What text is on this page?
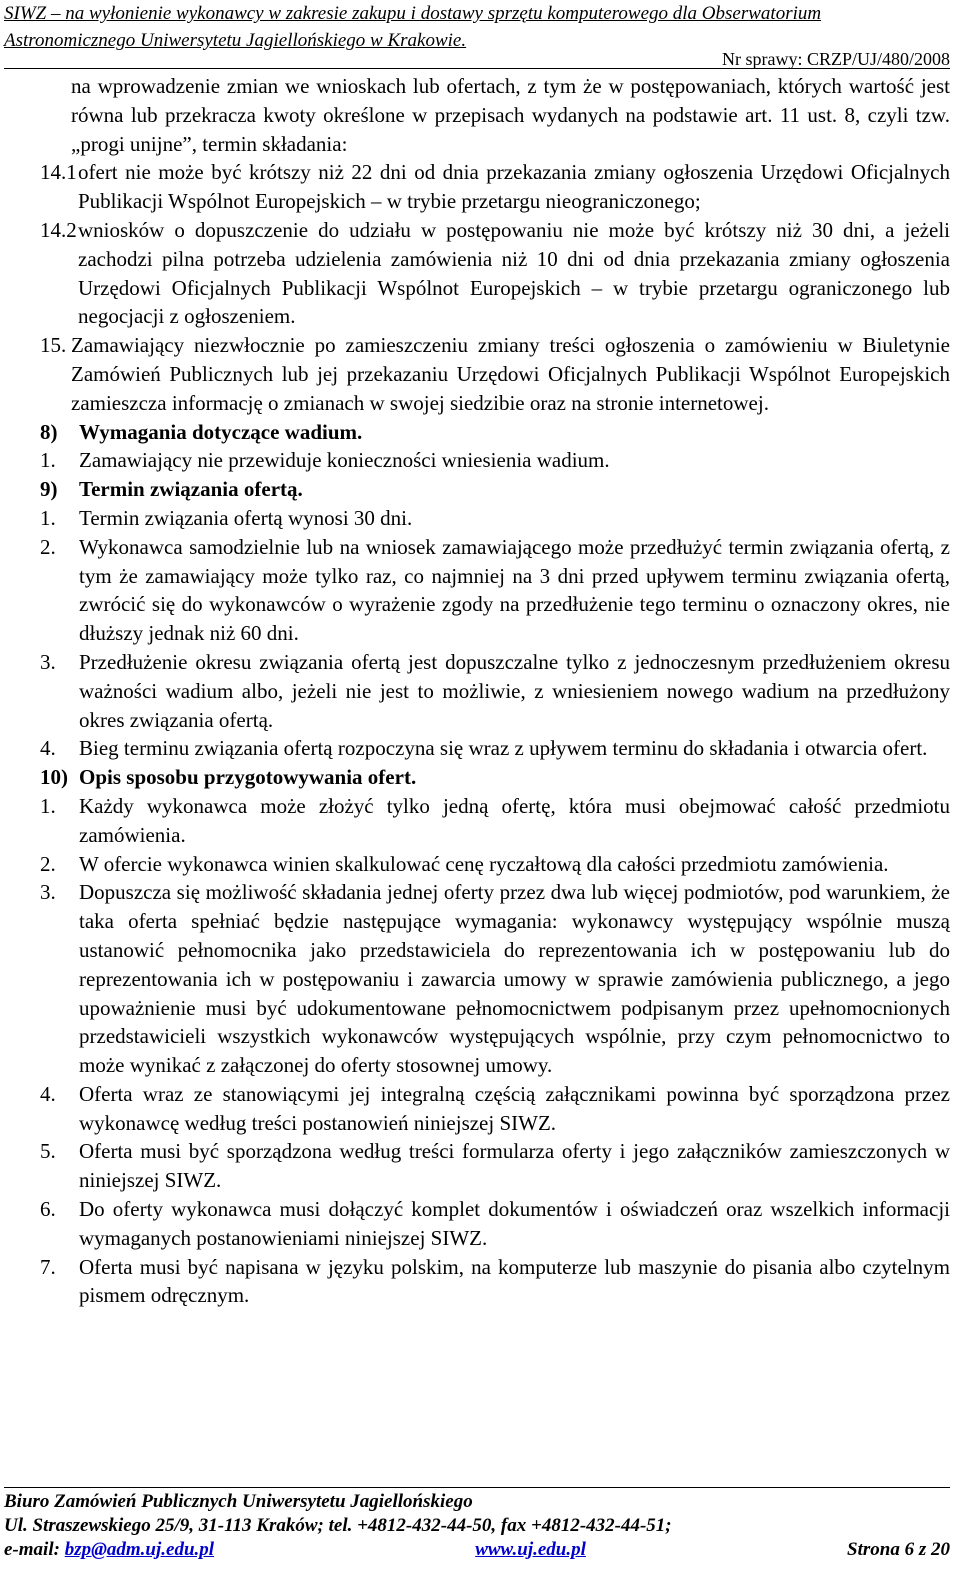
SIWZ – na wyłonienie wykonawcy w zakresie zakupu i dostawy sprzętu komputerowego dla Obserwatorium
Astronomicznego Uniwersytetu Jagiellońskiego w Krakowie.
Nr sprawy: CRZP/UJ/480/2008

na wprowadzenie zmian we wnioskach lub ofertach, z tym że w postępowaniach, których wartość jest równa lub przekracza kwoty określone w przepisach wydanych na podstawie art. 11 ust. 8, czyli tzw. „progi unijne”, termin składania:

14.1 ofert nie może być krótszy niż 22 dni od dnia przekazania zmiany ogłoszenia Urzędowi Oficjalnych Publikacji Wspólnot Europejskich – w trybie przetargu nieograniczonego;
14.2 wniosków o dopuszczenie do udziału w postępowaniu nie może być krótszy niż 30 dni, a jeżeli zachodzi pilna potrzeba udzielenia zamówienia niż 10 dni od dnia przekazania zmiany ogłoszenia Urzędowi Oficjalnych Publikacji Wspólnot Europejskich – w trybie przetargu ograniczonego lub negocjacji z ogłoszeniem.
15. Zamawiający niezwłocznie po zamieszczeniu zmiany treści ogłoszenia o zamówieniu w Biuletynie Zamówień Publicznych lub jej przekazaniu Urzędowi Oficjalnych Publikacji Wspólnot Europejskich zamieszcza informację o zmianach w swojej siedzibie oraz na stronie internetowej.
8)	Wymagania dotyczące wadium.
1.	Zamawiający nie przewiduje konieczności wniesienia wadium.
9)	Termin związania ofertą.
1.	Termin związania ofertą wynosi 30 dni.
2.	Wykonawca samodzielnie lub na wniosek zamawiającego może przedłużyć termin związania ofertą, z tym że zamawiający może tylko raz, co najmniej na 3 dni przed upływem terminu związania ofertą, zwrócić się do wykonawców o wyrażenie zgody na przedłużenie tego terminu o oznaczony okres, nie dłuższy jednak niż 60 dni.
3.	Przedłużenie okresu związania ofertą jest dopuszczalne tylko z jednoczesnym przedłużeniem okresu ważności wadium albo, jeżeli nie jest to możliwie, z wniesieniem nowego wadium na przedłużony okres związania ofertą.
4.	Bieg terminu związania ofertą rozpoczyna się wraz z upływem terminu do składania i otwarcia ofert.
10) Opis sposobu przygotowywania ofert.
1.	Każdy wykonawca może złożyć tylko jedną ofertę, która musi obejmować całość przedmiotu zamówienia.
2.	W ofercie wykonawca winien skalkulować cenę ryczałtową dla całości przedmiotu zamówienia.
3.	Dopuszcza się możliwość składania jednej oferty przez dwa lub więcej podmiotów, pod warunkiem, że taka oferta spełniać będzie następujące wymagania: wykonawcy występujący wspólnie muszą ustanowić pełnomocnika jako przedstawiciela do reprezentowania ich w postępowaniu lub do reprezentowania ich w postępowaniu i zawarcia umowy w sprawie zamówienia publicznego, a jego upoważnienie musi być udokumentowane pełnomocnictwem podpisanym przez upełnomocnionych przedstawicieli wszystkich wykonawców występujących wspólnie, przy czym pełnomocnictwo to może wynikać z załączonej do oferty stosownej umowy.
4.	Oferta wraz ze stanowiącymi jej integralną częścią załącznikami powinna być sporządzona przez wykonawcę według treści postanowień niniejszej SIWZ.
5.	Oferta musi być sporządzona według treści formularza oferty i jego załączników zamieszczonych w niniejszej SIWZ.
6.	Do oferty wykonawca musi dołączyć komplet dokumentów i oświadczeń oraz wszelkich informacji wymaganych postanowieniami niniejszej SIWZ.
7.	Oferta musi być napisana w języku polskim, na komputerze lub maszynie do pisania albo czytelnym pismem odręcznym.
Biuro Zamówień Publicznych Uniwersytetu Jagiellońskiego
Ul. Straszewskiego 25/9, 31-113 Kraków; tel. +4812-432-44-50, fax +4812-432-44-51;
e-mail: bzp@adm.uj.edu.pl	www.uj.edu.pl	Strona 6 z 20
